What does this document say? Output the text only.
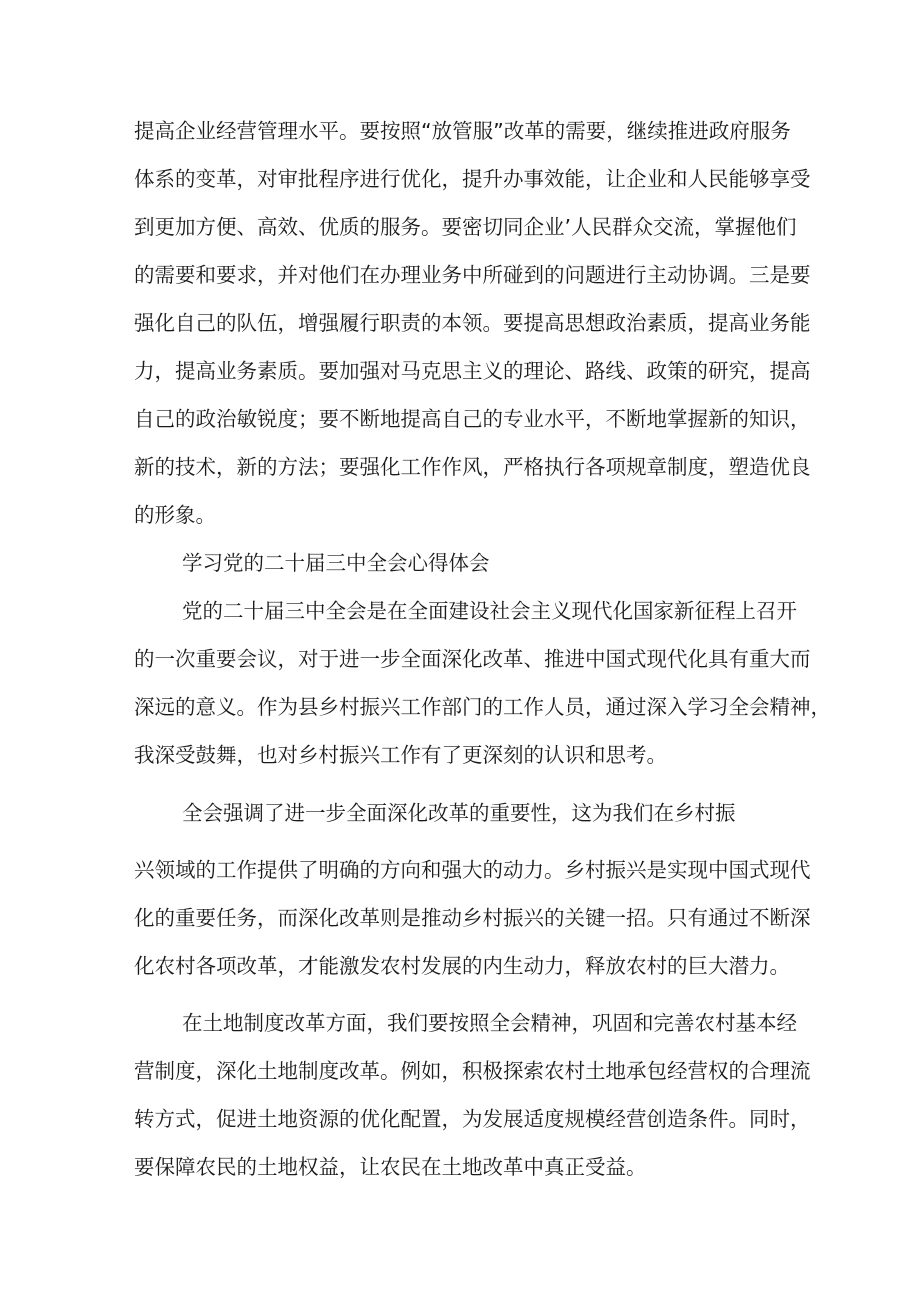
提高企业经营管理水平。要按照“放管服”改革的需要，继续推进政府服务
体系的变革，对审批程序进行优化，提升办事效能，让企业和人民能够享受
到更加方便、高效、优质的服务。要密切同企业’人民群众交流，掌握他们
的需要和要求，并对他们在办理业务中所碰到的问题进行主动协调。三是要
强化自己的队伍，增强履行职责的本领。要提高思想政治素质，提高业务能
力，提高业务素质。要加强对马克思主义的理论、路线、政策的研究，提高
自己的政治敏锐度；要不断地提高自己的专业水平，不断地掌握新的知识，
新的技术，新的方法；要强化工作作风，严格执行各项规章制度，塑造优良
的形象。
学习党的二十届三中全会心得体会
党的二十届三中全会是在全面建设社会主义现代化国家新征程上召开
的一次重要会议，对于进一步全面深化改革、推进中国式现代化具有重大而
深远的意义。作为县乡村振兴工作部门的工作人员，通过深入学习全会精神，
我深受鼓舞，也对乡村振兴工作有了更深刻的认识和思考。
全会强调了进一步全面深化改革的重要性，这为我们在乡村振
兴领域的工作提供了明确的方向和强大的动力。乡村振兴是实现中国式现代
化的重要任务，而深化改革则是推动乡村振兴的关键一招。只有通过不断深
化农村各项改革，才能激发农村发展的内生动力，释放农村的巨大潜力。
在土地制度改革方面，我们要按照全会精神，巩固和完善农村基本经
营制度，深化土地制度改革。例如，积极探索农村土地承包经营权的合理流
转方式，促进土地资源的优化配置，为发展适度规模经营创造条件。同时，
要保障农民的土地权益，让农民在土地改革中真正受益。
